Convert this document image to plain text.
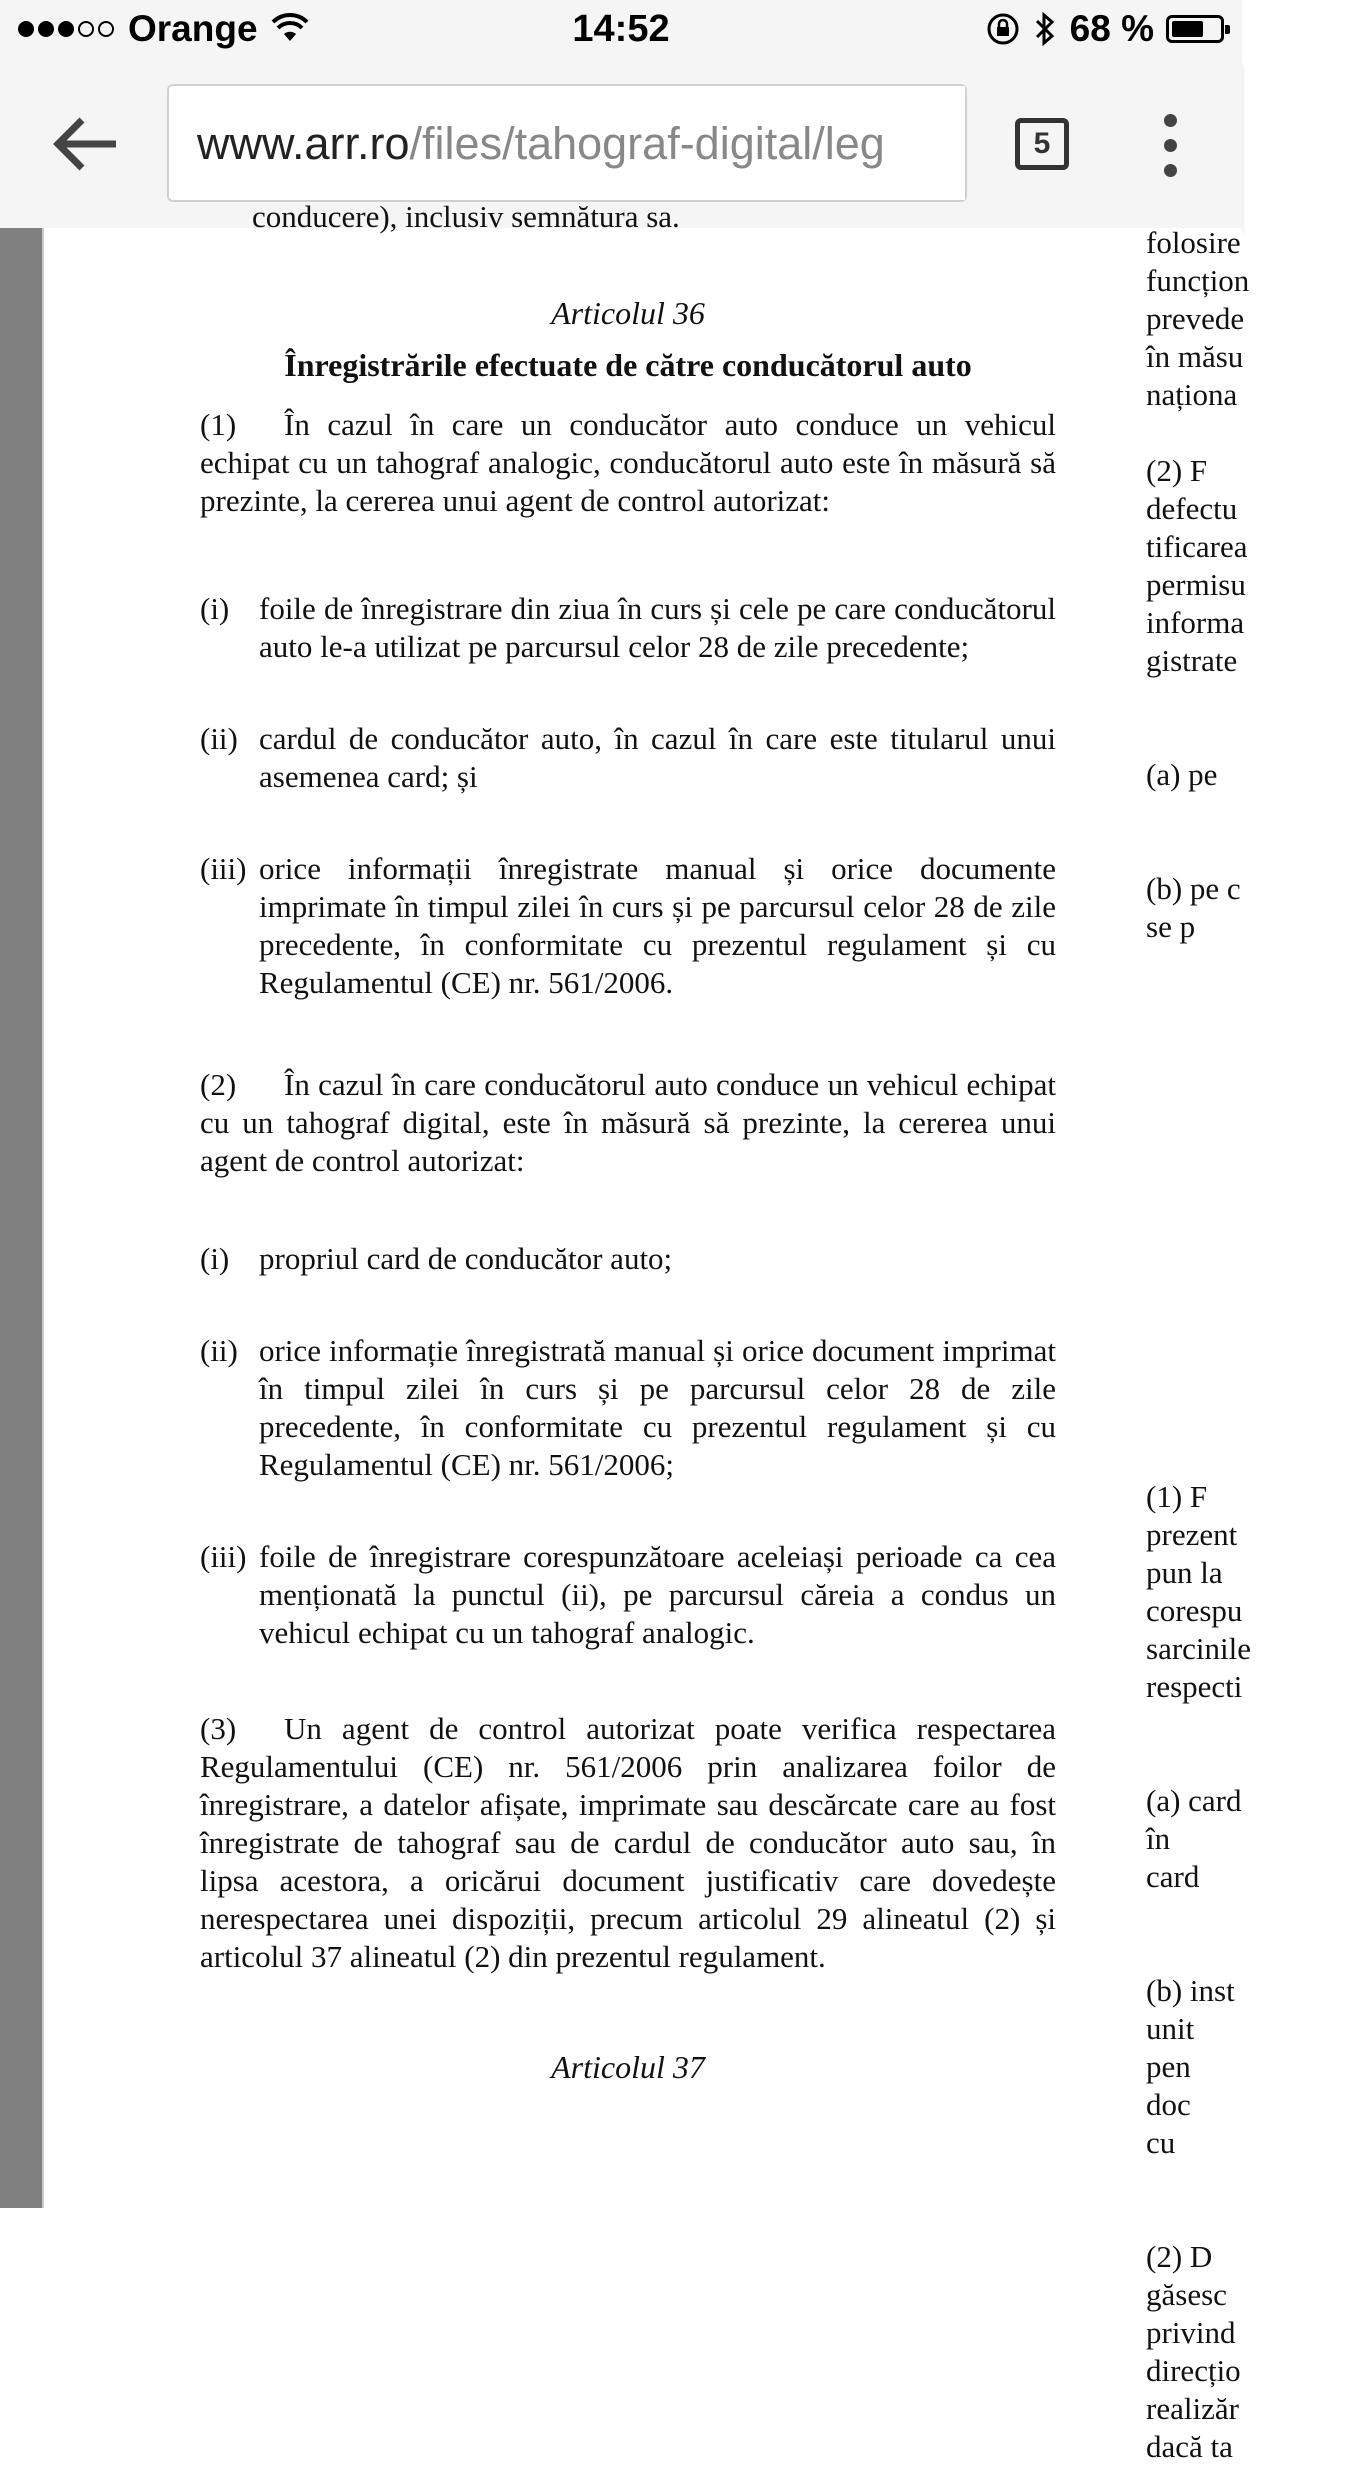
Orange	14:52	68 %
www.arr.ro/files/tahograf-digital/leg	5
conducere), inclusiv semnătura sa.
Articolul 36
Înregistrările efectuate de către conducătorul auto
(1) În cazul în care un conducător auto conduce un vehicul echipat cu un tahograf analogic, conducătorul auto este în măsură să prezinte, la cererea unui agent de control autorizat:
(i) foile de înregistrare din ziua în curs și cele pe care conducătorul auto le-a utilizat pe parcursul celor 28 de zile precedente;
(ii) cardul de conducător auto, în cazul în care este titularul unui asemenea card; și
(iii) orice informații înregistrate manual și orice documente imprimate în timpul zilei în curs și pe parcursul celor 28 de zile precedente, în conformitate cu prezentul regulament și cu Regulamentul (CE) nr. 561/2006.
(2) În cazul în care conducătorul auto conduce un vehicul echipat cu un tahograf digital, este în măsură să prezinte, la cererea unui agent de control autorizat:
(i) propriul card de conducător auto;
(ii) orice informație înregistrată manual și orice document imprimat în timpul zilei în curs și pe parcursul celor 28 de zile precedente, în conformitate cu prezentul regulament și cu Regulamentul (CE) nr. 561/2006;
(iii) foile de înregistrare corespunzătoare aceleiași perioade ca cea menționată la punctul (ii), pe parcursul căreia a condus un vehicul echipat cu un tahograf analogic.
(3) Un agent de control autorizat poate verifica respectarea Regulamentului (CE) nr. 561/2006 prin analizarea foilor de înregistrare, a datelor afișate, imprimate sau descărcate care au fost înregistrate de tahograf sau de cardul de conducător auto sau, în lipsa acestora, a oricărui document justificativ care dovedește nerespectarea unei dispoziții, precum articolul 29 alineatul (2) și articolul 37 alineatul (2) din prezentul regulament.
Articolul 37
folosire
funcțion
prevede
în măsu
naționa
(2) F
defectu
tificarea
permisu
informa
gistrate
(a) pe
(b) pe c
se p
(1) F
prezent
pun la
corespu
sarcinile
respecti
(a) card
în
card
(b) inst
unit
pen
doc
cu
(2) D
găsesc
privind
direcțio
realizăr
dacă ta
